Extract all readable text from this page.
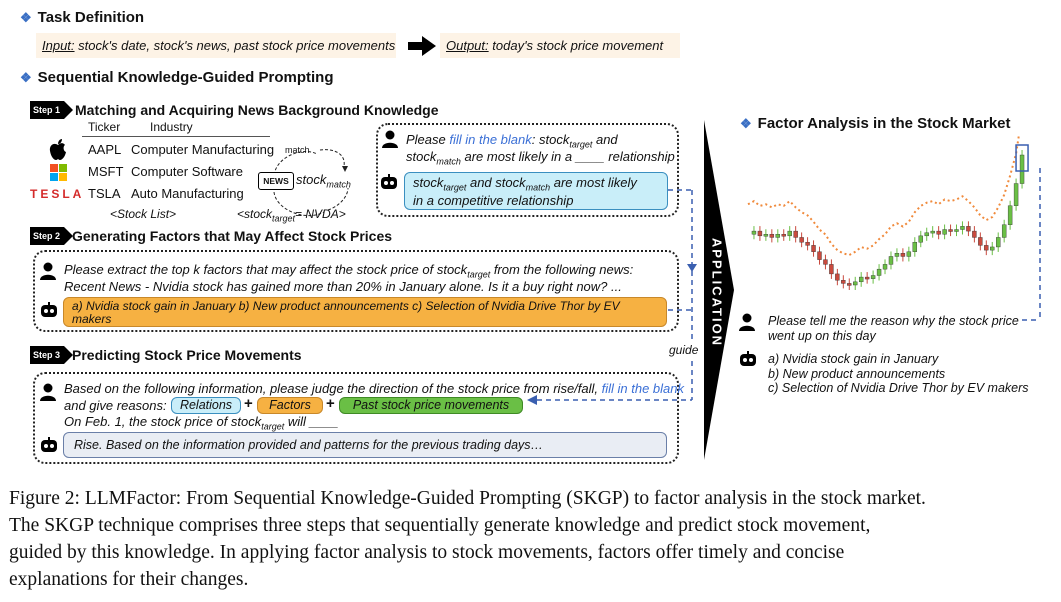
❖ Task Definition
Input: stock's date, stock's news, past stock price movements	Output: today's stock price movement
❖ Sequential Knowledge-Guided Prompting
Step 1 Matching and Acquiring News Background Knowledge
Ticker Industry
AAPL Computer Manufacturing
MSFT Computer Software
TESLA TSLA Auto Manufacturing
<Stock List>
match
NEWS stock$_{match}$
<stock$_{target}$= NVDA>
Please fill in the blank: stock$_{target}$ and
stock$_{match}$ are most likely in a ____ relationship
stock$_{target}$ and stock$_{match}$ are most likely
in a competitive relationship
Step 2 Generating Factors that May Affect Stock Prices
Please extract the top k factors that may affect the stock price of stock$_{target}$ from the following news:
Recent News - Nvidia stock has gained more than 20% in January alone. Is it a buy right now? ...
a) Nvidia stock gain in January b) New product announcements c) Selection of Nvidia Drive Thor by EV
makers
Step 3 Predicting Stock Price Movements
Based on the following information, please judge the direction of the stock price from rise/fall, fill in the blank
and give reasons:	Relations +	Factors	+	Past stock price movements
On Feb. 1, the stock price of stock$_{target}$ will ____
Rise. Based on the information provided and patterns for the previous trading days…
guide
APPLICATION
❖ Factor Analysis in the Stock Market
Please tell me the reason why the stock price went up on this day
a) Nvidia stock gain in January
b) New product announcements
c) Selection of Nvidia Drive Thor by EV makers
Figure 2: LLMFactor: From Sequential Knowledge-Guided Prompting (SKGP) to factor analysis in the stock market.
The SKGP technique comprises three steps that sequentially generate knowledge and predict stock movement,
guided by this knowledge. In applying factor analysis to stock movements, factors offer timely and concise
explanations for their changes.
